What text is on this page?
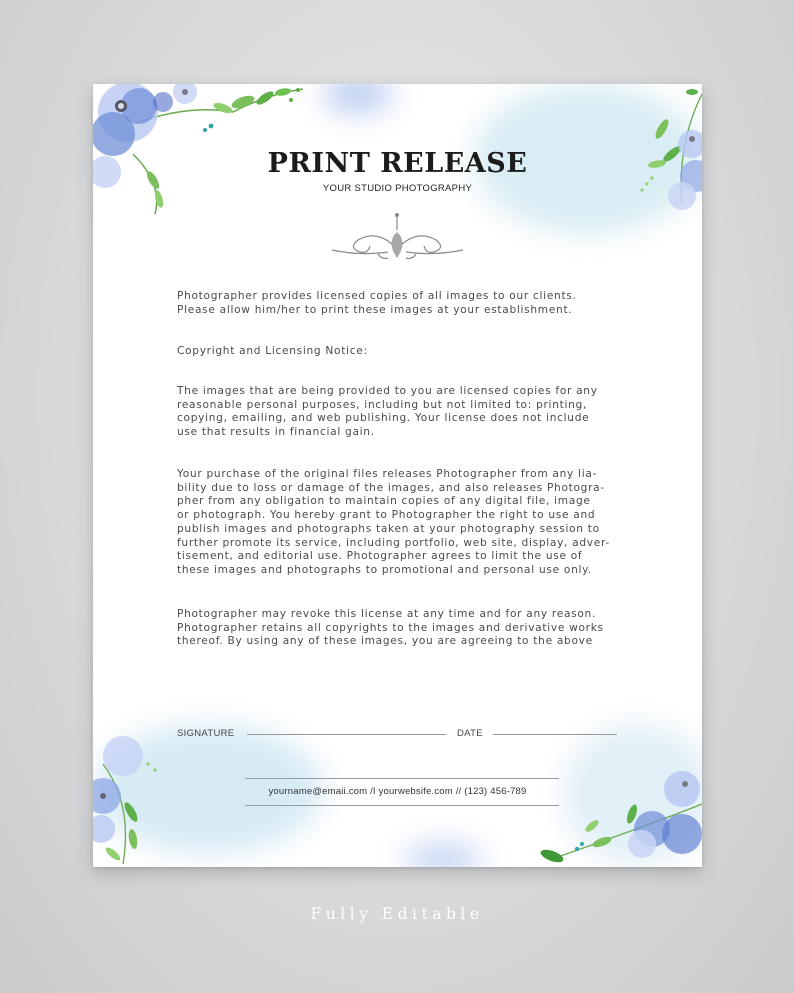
PRINT RELEASE
YOUR STUDIO PHOTOGRAPHY
Photographer provides licensed copies of all images to our clients.
Please allow him/her to print these images at your establishment.
Copyright and Licensing Notice:
The images that are being provided to you are licensed copies for any
reasonable personal purposes, including but not limited to: printing,
copying, emailing, and web publishing. Your license does not include
use that results in financial gain.
Your purchase of the original files releases Photographer from any lia-
bility due to loss or damage of the images, and also releases Photogra-
pher from any obligation to maintain copies of any digital file, image
or photograph. You hereby grant to Photographer the right to use and
publish images and photographs taken at your photography session to
further promote its service, including portfolio, web site, display, adver-
tisement, and editorial use. Photographer agrees to limit the use of
these images and photographs to promotional and personal use only.
Photographer may revoke this license at any time and for any reason.
Photographer retains all copyrights to the images and derivative works
thereof. By using any of these images, you are agreeing to the above
SIGNATURE	DATE
yourname@emaii.com /I yourwebsife.com // (123) 456-789
Fully Editable
